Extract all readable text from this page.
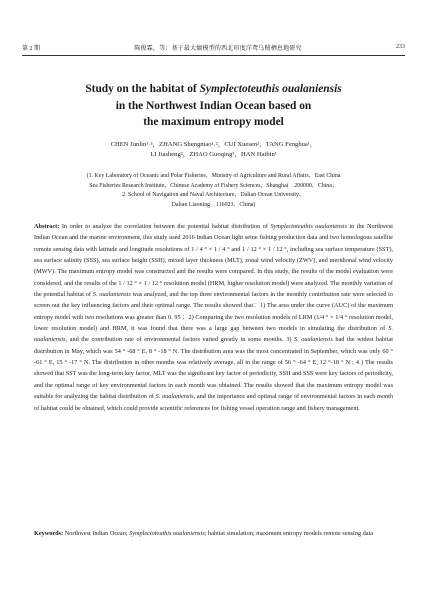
第 2 期	陈俊霖，等：基于最大熵模型的西北印度洋鸢乌贼栖息地研究	233
Study on the habitat of Symplectoteuthis oualaniensis
in the Northwest Indian Ocean based on
the maximum entropy model
CHEN Junlin¹˒³，ZHANG Shengmao¹˒²，CUI Xuesen²，TANG Fenghua¹，
LI Jiasheng²，ZHAO Guoqing³，HAN Haibin¹
(1. Key Laboratory of Oceanic and Polar Fisheries，Ministry of Agriculture and Rural Affairs，East China
Sea Fisheries Research Institute，Chinese Academy of Fishery Sciences，Shanghai　200090，China；
2. School of Navigation and Naval Architecture，Dalian Ocean University，
Dalian Liaoning　116023，China)
Abstract: In order to analyze the correlation between the potential habitat distribution of Symplectoteuthis oualaniensis in the Northwest Indian Ocean and the marine environment, this study used 2016 Indian Ocean light seine fishing production data and two homologous satellite remote sensing data with latitude and longitude resolutions of 1 / 4 ° × 1 / 4 ° and 1 / 12 ° × 1 / 12 °, including sea surface temperature (SST), sea surface salinity (SSS), sea surface height (SSH), mixed layer thickness (MLT), zonal wind velocity (ZWV), and meridional wind velocity (MWV). The maximum entropy model was constructed and the results were compared. In this study, the results of the model evaluation were considered, and the results of the 1 / 12 ° × 1 / 12 ° resolution model (HRM, higher resolution model) were analyzed. The monthly variation of the potential habitat of S. oualaniensis was analyzed, and the top three environmental factors in the monthly contribution rate were selected to screen out the key influencing factors and their optimal range. The results showed that：1) The area under the curve (AUC) of the maximum entropy model with two resolutions was greater than 0. 95 ；2) Comparing the two resolution models of LRM (1/4 ° × 1/4 ° resolution model, lower resolution model) and HRM, it was found that there was a large gap between two models in simulating the distribution of S. oualaniensis, and the contribution rate of environmental factors varied greatly in some months. 3) S. oualaniensis had the widest habitat distribution in May, which was 54 ° -68 ° E, 8 ° -18 ° N. The distribution area was the most concentrated in September, which was only 60 ° -61 ° E, 15 ° -17 ° N. The distribution in other months was relatively average, all in the range of 56 ° -64 ° E, 12 °-18 ° N ; 4 ) The results showed that SST was the long-term key factor, MLT was the significant key factor of periodicity, SSH and SSS were key factors of periodicity, and the optimal range of key environmental factors in each month was obtained. The results showed that the maximum entropy model was suitable for analyzing the habitat distribution of S. oualaniensis, and the importance and optimal range of environmental factors in each month of habitat could be obtained, which could provide scientific references for fishing vessel operation range and fishery management.
Keywords: Northwest Indian Ocean; Symplectoteuthis oualaniensis; habitat simulation; maximum entropy models remote sensing data
